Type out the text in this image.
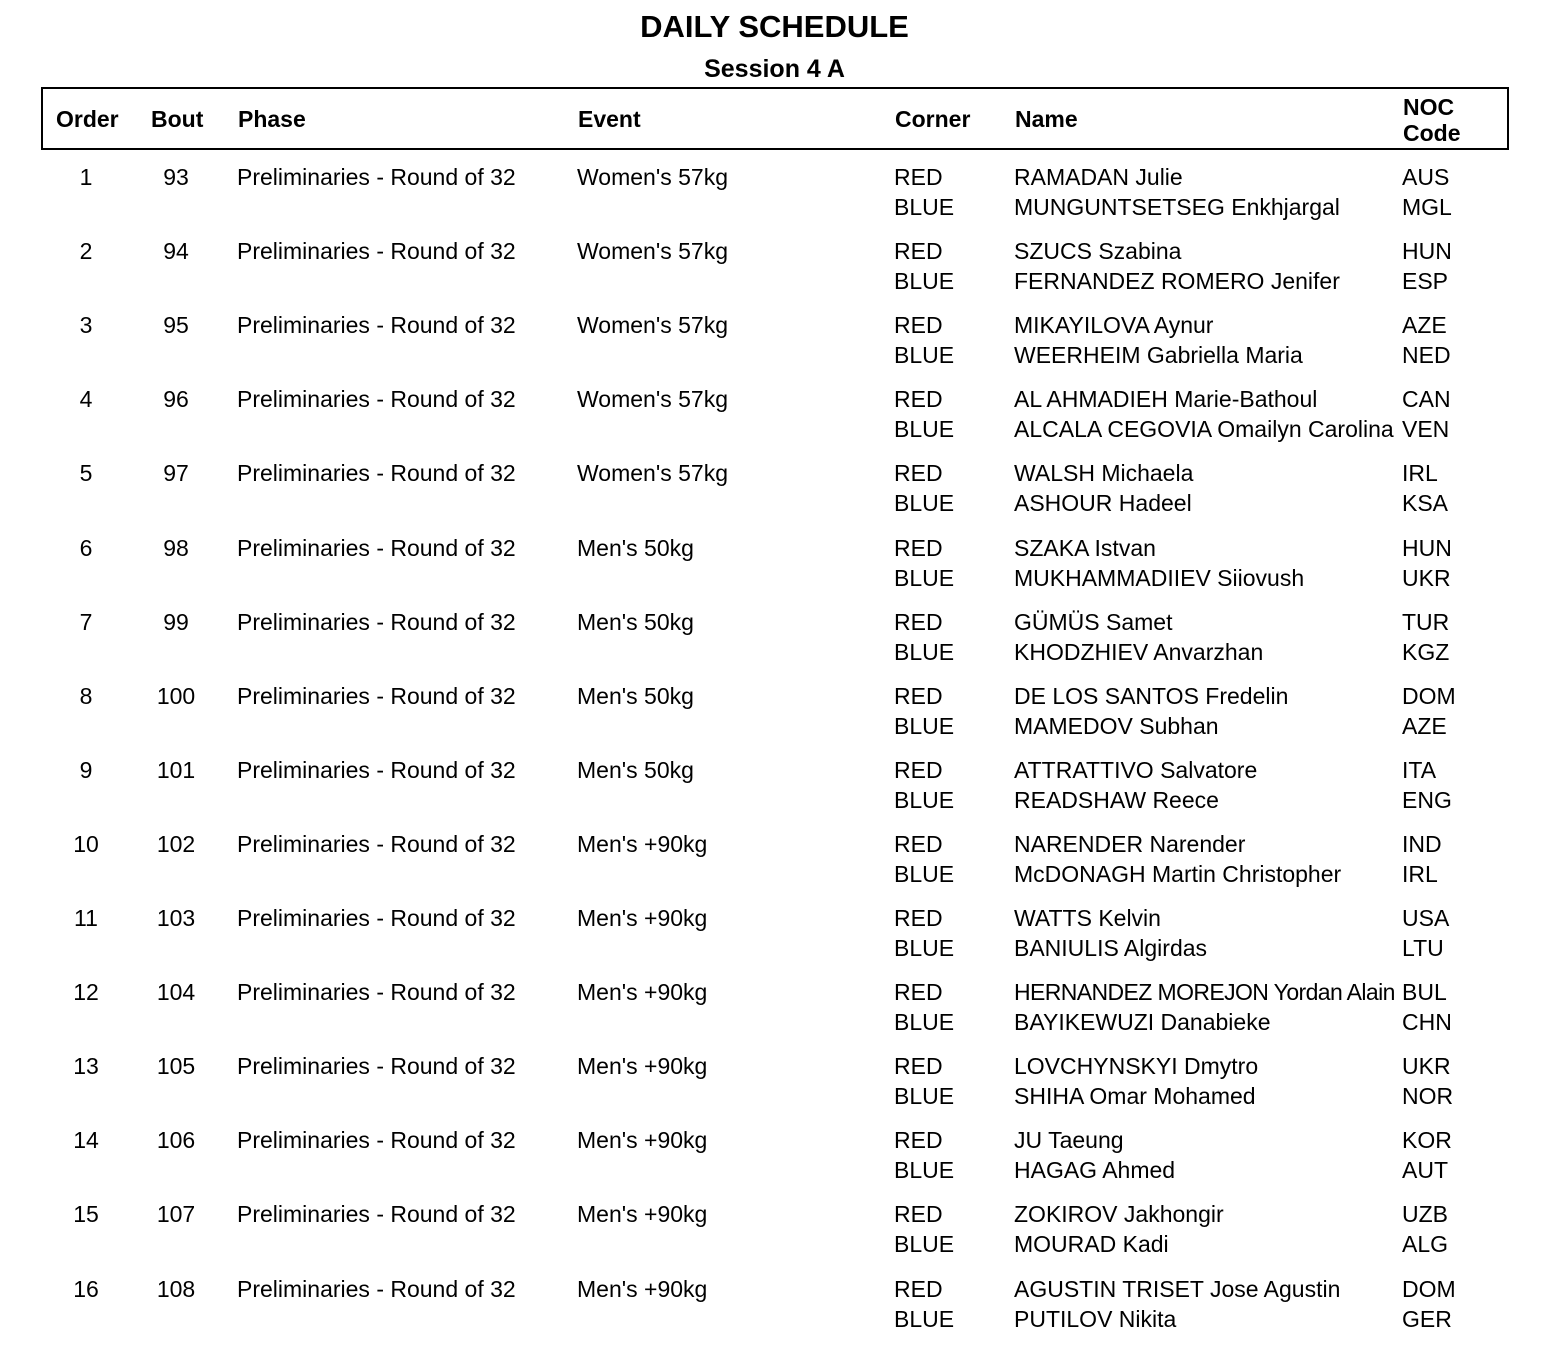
DAILY SCHEDULE
Session 4 A
Order Bout Phase	Event	Corner Name	NOC
Code
1	93	Preliminaries - Round of 32	Women's 57kg	RED	RAMADAN Julie	AUS
BLUE	MUNGUNTSETSEG Enkhjargal	MGL
2	94	Preliminaries - Round of 32	Women's 57kg	RED	SZUCS Szabina	HUN
BLUE	FERNANDEZ ROMERO Jenifer	ESP
3	95	Preliminaries - Round of 32	Women's 57kg	RED	MIKAYILOVA Aynur	AZE
BLUE	WEERHEIM Gabriella Maria	NED
4	96	Preliminaries - Round of 32	Women's 57kg	RED	AL AHMADIEH Marie-Bathoul	CAN
BLUE	ALCALA CEGOVIA Omailyn Carolina VEN
5	97	Preliminaries - Round of 32	Women's 57kg	RED	WALSH Michaela	IRL
BLUE	ASHOUR Hadeel	KSA
6	98	Preliminaries - Round of 32	Men's 50kg	RED	SZAKA Istvan	HUN
BLUE	MUKHAMMADIIEV Siiovush	UKR
7	99	Preliminaries - Round of 32	Men's 50kg	RED	GÜMÜS Samet	TUR
BLUE	KHODZHIEV Anvarzhan	KGZ
8	100	Preliminaries - Round of 32	Men's 50kg	RED	DE LOS SANTOS Fredelin	DOM
BLUE	MAMEDOV Subhan	AZE
9	101	Preliminaries - Round of 32	Men's 50kg	RED	ATTRATTIVO Salvatore	ITA
BLUE	READSHAW Reece	ENG
10	102	Preliminaries - Round of 32	Men's +90kg	RED	NARENDER Narender	IND
BLUE	McDONAGH Martin Christopher	IRL
11	103	Preliminaries - Round of 32	Men's +90kg	RED	WATTS Kelvin	USA
BLUE	BANIULIS Algirdas	LTU
12	104	Preliminaries - Round of 32	Men's +90kg	RED	HERNANDEZ MOREJON Yordan Alain BUL
BLUE	BAYIKEWUZI Danabieke	CHN
13	105	Preliminaries - Round of 32	Men's +90kg	RED	LOVCHYNSKYI Dmytro	UKR
BLUE	SHIHA Omar Mohamed	NOR
14	106	Preliminaries - Round of 32	Men's +90kg	RED	JU Taeung	KOR
BLUE	HAGAG Ahmed	AUT
15	107	Preliminaries - Round of 32	Men's +90kg	RED	ZOKIROV Jakhongir	UZB
BLUE	MOURAD Kadi	ALG
16	108	Preliminaries - Round of 32	Men's +90kg	RED	AGUSTIN TRISET Jose Agustin	DOM
BLUE	PUTILOV Nikita	GER
